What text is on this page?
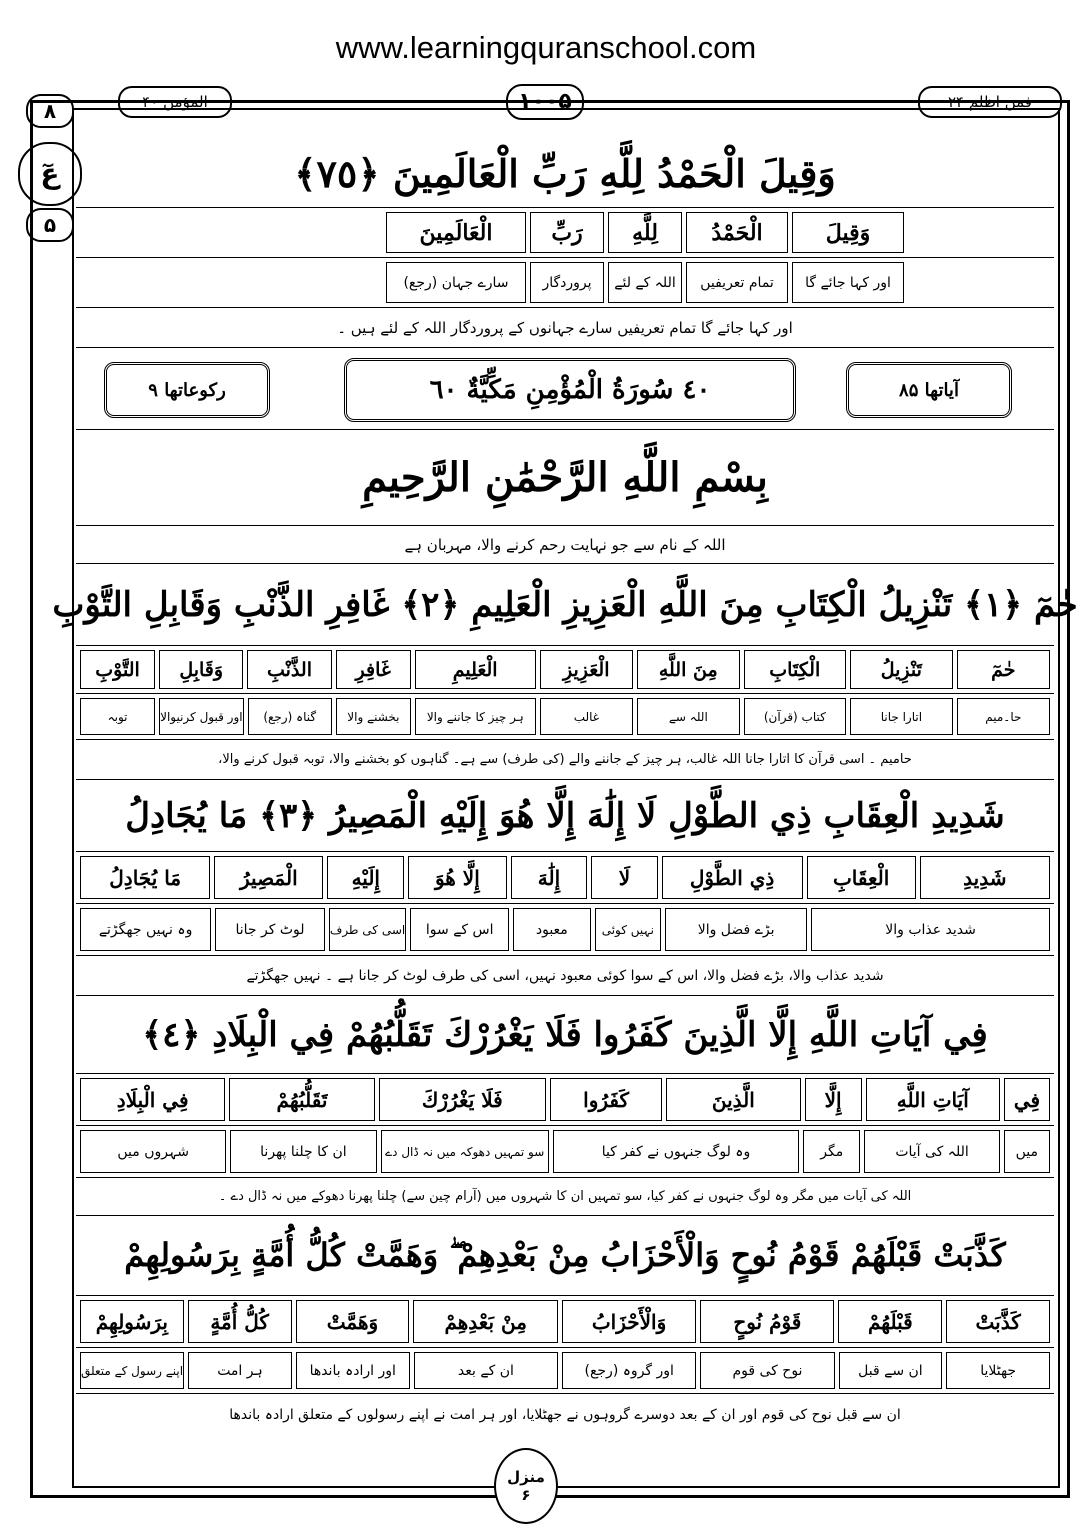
www.learningquranschool.com
فمن اظلم ۲۴
۱۰۰۵
المؤمن ۴۰
۸
عٓ
۵
وَقِيلَ الْحَمْدُ لِلَّهِ رَبِّ الْعَالَمِينَ ﴿٧٥﴾
وَقِيلَ
الْحَمْدُ
لِلَّهِ
رَبِّ
الْعَالَمِينَ
اور کہا جائے گا
تمام تعریفیں
اللہ کے لئے
پروردگار
سارے جہان (رجع)
اور کہا جائے گا تمام تعریفیں سارے جہانوں کے پروردگار اللہ کے لئے ہیں ۔
آیاتھا ۸۵
٤٠ سُورَةُ الْمُؤْمِنِ مَكِّيَّةٌ ٦٠
رکوعاتھا ۹
بِسْمِ اللَّهِ الرَّحْمَٰنِ الرَّحِيمِ
اللہ کے نام سے جو نہایت رحم کرنے والا، مہربان ہے
حٰمٓ ﴿١﴾ تَنْزِيلُ الْكِتَابِ مِنَ اللَّهِ الْعَزِيزِ الْعَلِيمِ ﴿٢﴾ غَافِرِ الذَّنْبِ وَقَابِلِ التَّوْبِ
حٰمٓ
تَنْزِيلُ
الْكِتَابِ
مِنَ اللَّهِ
الْعَزِيزِ
الْعَلِيمِ
غَافِرِ
الذَّنْبِ
وَقَابِلِ
التَّوْبِ
حا۔میم
اتارا جانا
کتاب (قرآن)
اللہ سے
غالب
ہر چیز کا جاننے والا
بخشنے والا
گناہ (رجع)
اور قبول کرنیوالا
توبہ
حامیم ۔ اسی قرآن کا اتارا جانا اللہ غالب، ہر چیز کے جاننے والے (کی طرف) سے ہے۔ گناہوں کو بخشنے والا، توبہ قبول کرنے والا،
شَدِيدِ الْعِقَابِ ذِي الطَّوْلِ لَا إِلَٰهَ إِلَّا هُوَ إِلَيْهِ الْمَصِيرُ ﴿٣﴾ مَا يُجَادِلُ
شَدِيدِ
الْعِقَابِ
ذِي الطَّوْلِ
لَا
إِلَٰهَ
إِلَّا هُوَ
إِلَيْهِ
الْمَصِيرُ
مَا يُجَادِلُ
شدید عذاب والا
بڑے فضل والا
نہیں کوئی
معبود
اس کے سوا
اسی کی طرف
لوٹ کر جانا
وہ نہیں جھگڑتے
شدید عذاب والا، بڑے فضل والا، اس کے سوا کوئی معبود نہیں، اسی کی طرف لوٹ کر جانا ہے ۔ نہیں جھگڑتے
فِي آيَاتِ اللَّهِ إِلَّا الَّذِينَ كَفَرُوا فَلَا يَغْرُرْكَ تَقَلُّبُهُمْ فِي الْبِلَادِ ﴿٤﴾
فِي
آيَاتِ اللَّهِ
إِلَّا
الَّذِينَ
كَفَرُوا
فَلَا يَغْرُرْكَ
تَقَلُّبُهُمْ
فِي الْبِلَادِ
میں
اللہ کی آیات
مگر
وہ لوگ جنہوں نے کفر کیا
سو تمہیں دھوکہ میں نہ ڈال دے
ان کا چلنا پھرنا
شہروں میں
اللہ کی آیات میں مگر وہ لوگ جنہوں نے کفر کیا، سو تمہیں ان کا شہروں میں (آرام چین سے) چلنا پھرنا دھوکے میں نہ ڈال دے ۔
كَذَّبَتْ قَبْلَهُمْ قَوْمُ نُوحٍ وَالْأَحْزَابُ مِنْ بَعْدِهِمْ ۖ وَهَمَّتْ كُلُّ أُمَّةٍ بِرَسُولِهِمْ
كَذَّبَتْ
قَبْلَهُمْ
قَوْمُ نُوحٍ
وَالْأَحْزَابُ
مِنْ بَعْدِهِمْ
وَهَمَّتْ
كُلُّ أُمَّةٍ
بِرَسُولِهِمْ
جھٹلایا
ان سے قبل
نوح کی قوم
اور گروہ (رجع)
ان کے بعد
اور ارادہ باندھا
ہر امت
اپنے رسول کے متعلق
ان سے قبل نوح کی قوم اور ان کے بعد دوسرے گروہوں نے جھٹلایا، اور ہر امت نے اپنے رسولوں کے متعلق ارادہ باندھا
منزل
۶
